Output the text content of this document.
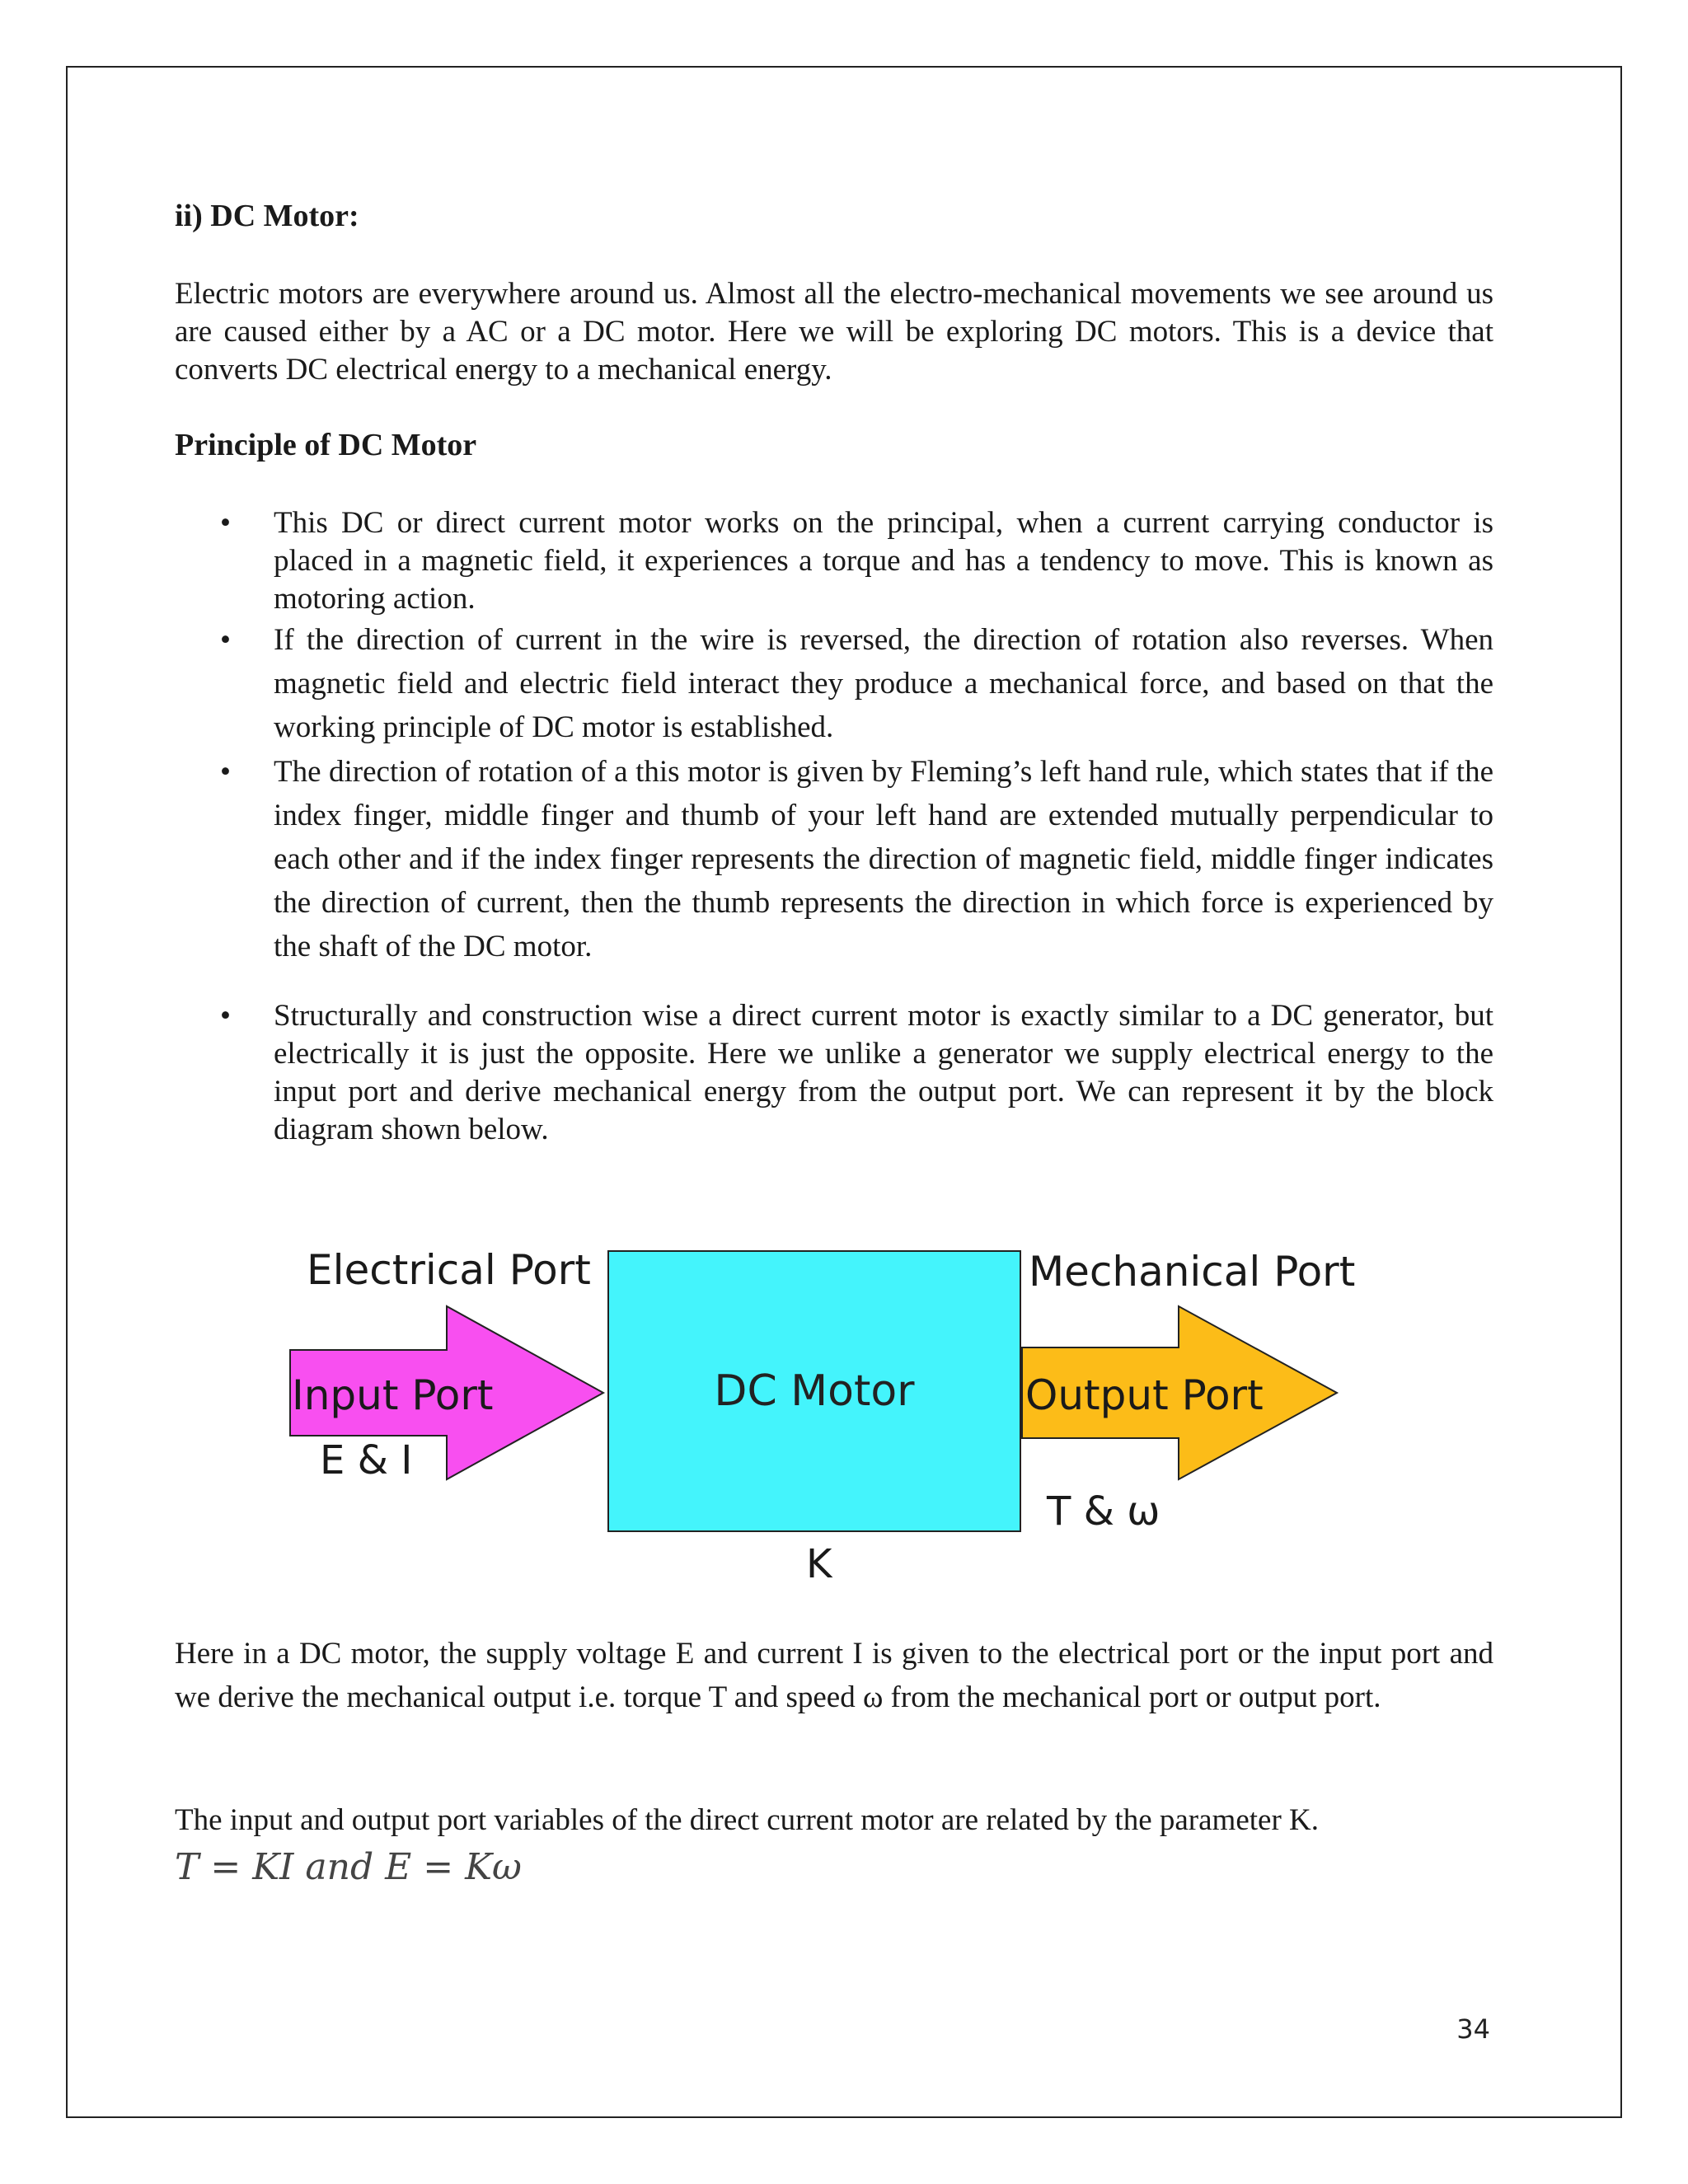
ii) DC Motor:

Electric motors are everywhere around us. Almost all the electro-mechanical movements we see around us are caused either by a AC or a DC motor. Here we will be exploring DC motors. This is a device that converts DC electrical energy to a mechanical energy.

Principle of DC Motor

• This DC or direct current motor works on the principal, when a current carrying conductor is placed in a magnetic field, it experiences a torque and has a tendency to move. This is known as motoring action.

• If the direction of current in the wire is reversed, the direction of rotation also reverses. When magnetic field and electric field interact they produce a mechanical force, and based on that the working principle of DC motor is established.

• The direction of rotation of a this motor is given by Fleming’s left hand rule, which states that if the index finger, middle finger and thumb of your left hand are extended mutually perpendicular to each other and if the index finger represents the direction of magnetic field, middle finger indicates the direction of current, then the thumb represents the direction in which force is experienced by the shaft of the DC motor.

• Structurally and construction wise a direct current motor is exactly similar to a DC generator, but electrically it is just the opposite. Here we unlike a generator we supply electrical energy to the input port and derive mechanical energy from the output port. We can represent it by the block diagram shown below.

Electrical Port	Mechanical Port
Input Port
E & I
DC Motor	Output Port
T & ω
K

Here in a DC motor, the supply voltage E and current I is given to the electrical port or the input port and we derive the mechanical output i.e. torque T and speed ω from the mechanical port or output port.

The input and output port variables of the direct current motor are related by the parameter K.

T = KI and E = Kω
34
